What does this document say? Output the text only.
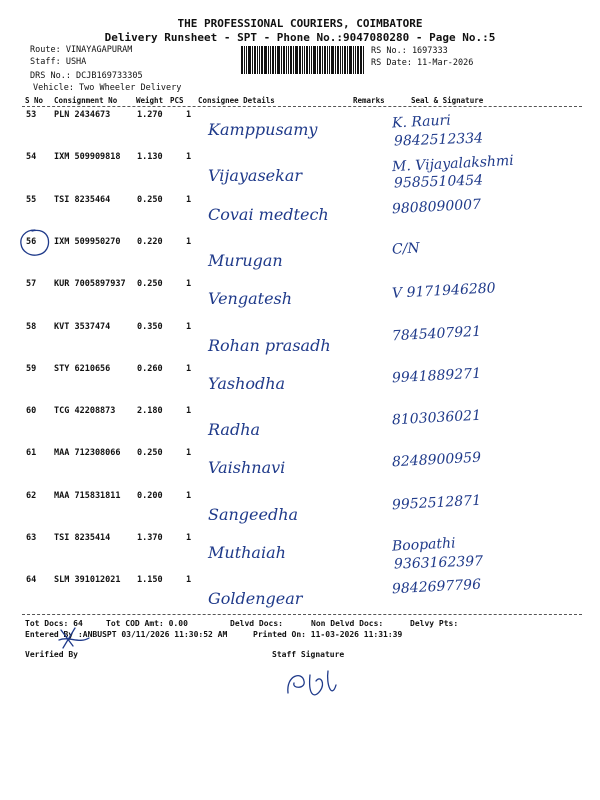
THE PROFESSIONAL COURIERS, COIMBATORE
Delivery Runsheet - SPT - Phone No.:9047080280 - Page No.:5
Route: VINAYAGAPURAM
Staff: USHA
DRS No.: DCJB169733305
Vehicle: Two Wheeler Delivery
RS No.: 1697333
RS Date: 11-Mar-2026
S No Consignment No	Weight PCS Consignee Details	Remarks	Seal & Signature
53 PLN 2434673	1.270	1
Kamppusamy	K. Rauri
9842512334
54 IXM 509909818 1.130	1
Vijayasekar
M. Vijayalakshmi
9585510454
55 TSI 8235464	0.250	1
Covai medtech	9808090007
56 IXM 509950270 0.220	1
Murugan
C/N
57 KUR 7005897937 0.250	1
Vengatesh	V 9171946280
58 KVT 3537474	0.350	1
Rohan prasadh
7845407921
59 STY 6210656	0.260	1
Yashodha	9941889271
60 TCG 42208873	2.180	1
Radha
8103036021
61 MAA 712308066 0.250	1
Vaishnavi	8248900959
62 MAA 715831811 0.200	1
Sangeedha
9952512871
63 TSI 8235414	1.370	1
Muthaiah	Boopathi
9363162397
64 SLM 391012021 1.150	1
Goldengear
9842697796
Tot Docs: 64	Tot COD Amt: 0.00	Delvd Docs:	Non Delvd Docs:	Delvy Pts:
Entered By :ANBUSPT 03/11/2026 11:30:52 AM	Printed On: 11-03-2026 11:31:39
Verified By	Staff Signature
